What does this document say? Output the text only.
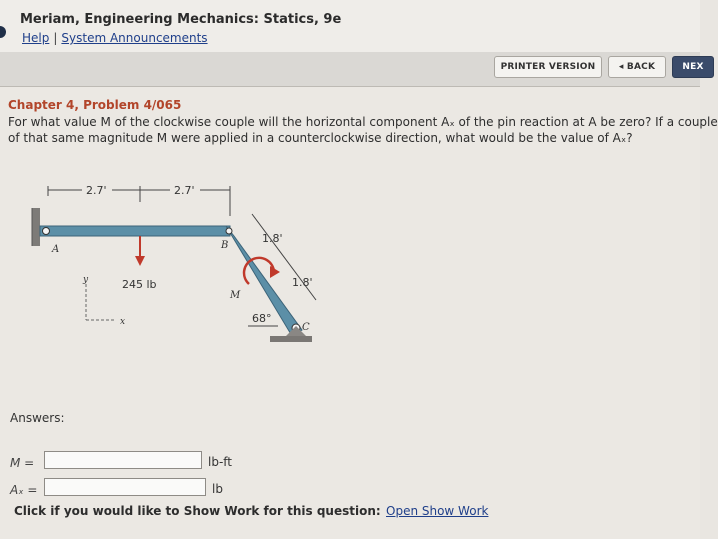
Meriam, Engineering Mechanics: Statics, 9e
Help | System Announcements
PRINTER VERSION	◂ BACK	NEX
Chapter 4, Problem 4/065
For what value M of the clockwise couple will the horizontal component Aₓ of the pin reaction at A be zero? If a couple
of that same magnitude M were applied in a counterclockwise direction, what would be the value of Aₓ?
2.7'	2.7'
245 lb
y
x
M
1.8'
1.8'
68°
A	B
C
Answers:
M =	lb-ft
Aₓ =	lb
Click if you would like to Show Work for this question: Open Show Work
